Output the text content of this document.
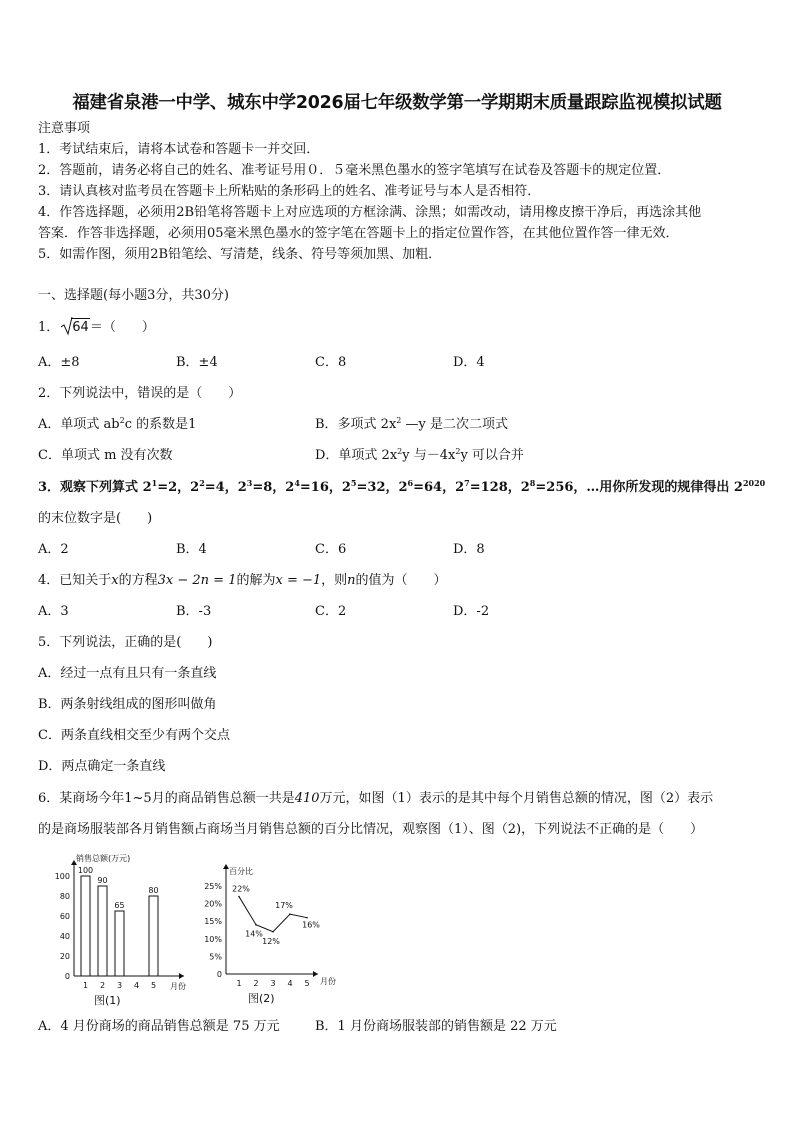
福建省泉港一中学、城东中学2026届七年级数学第一学期期末质量跟踪监视模拟试题
注意事项
1．考试结束后，请将本试卷和答题卡一并交回．
2．答题前，请务必将自己的姓名、准考证号用０．５毫米黑色墨水的签字笔填写在试卷及答题卡的规定位置．
3．请认真核对监考员在答题卡上所粘贴的条形码上的姓名、准考证号与本人是否相符．
4．作答选择题，必须用2B铅笔将答题卡上对应选项的方框涂满、涂黑；如需改动，请用橡皮擦干净后，再选涂其他
答案．作答非选择题，必须用05毫米黑色墨水的签字笔在答题卡上的指定位置作答，在其他位置作答一律无效．
5．如需作图，须用2B铅笔绘、写清楚，线条、符号等须加黑、加粗．
一、选择题(每小题3分，共30分)
1． 64＝（　　）
A．±8	B．±4	C．8	D．4
2．下列说法中，错误的是（　　）
A．单项式 $ab^2c$ 的系数是1	B．多项式 $2x^2$ —y 是二次二项式
C．单项式 m 没有次数	D．单项式 $2x^2y$ 与$-4x^2y$ 可以合并
3．观察下列算式 $2^1=2$，$2^2=4$，$2^3=8$，$2^4=16$，$2^5=32$，$2^6=64$，$2^7=128$，$2^8=256$，…用你所发现的规律得出 $2^{2020}$
的末位数字是(　　)
A．2	B．4	C．6	D．8
4．已知关于x的方程3x − 2n = 1的解为x = −1，则n的值为（　　）
A．3	B．-3	C．2	D．-2
5．下列说法，正确的是(　　)
A．经过一点有且只有一条直线
B．两条射线组成的图形叫做角
C．两条直线相交至少有两个交点
D．两点确定一条直线
6．某商场今年1~5月的商品销售总额一共是410万元，如图（1）表示的是其中每个月销售总额的情况，图（2）表示
的是商场服装部各月销售额占商场当月销售总额的百分比情况，观察图（1）、图（2)，下列说法不正确的是（　　）
销售总额(万元)
100
80
60
40
20
0
1
100
2
90
3
65
4 5
80
月份
图(1)
百分比
25%
20%
15%
10%
5%
0
1
22%
2
14%
3
12%
4
17%
5
16%
月份
图(2)
A．4 月份商场的商品销售总额是 75 万元	B．1 月份商场服装部的销售额是 22 万元
